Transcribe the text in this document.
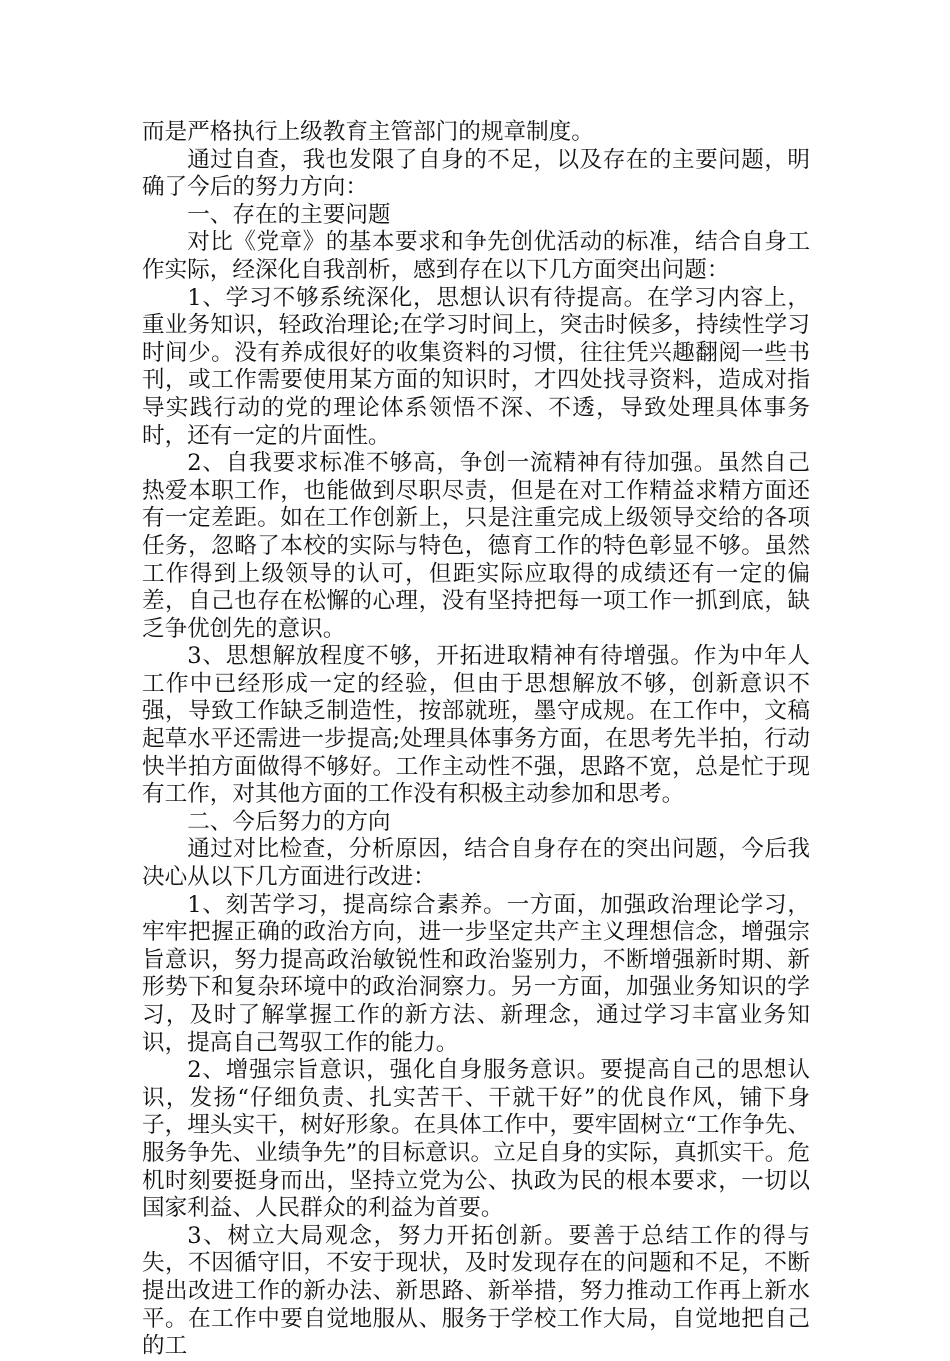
而是严格执行上级教育主管部门的规章制度。

通过自查，我也发限了自身的不足，以及存在的主要问题，明确了今后的努力方向：

一、存在的主要问题

对比《党章》的基本要求和争先创优活动的标准，结合自身工作实际，经深化自我剖析，感到存在以下几方面突出问题：

1、学习不够系统深化，思想认识有待提高。在学习内容上，重业务知识，轻政治理论;在学习时间上，突击时候多，持续性学习时间少。没有养成很好的收集资料的习惯，往往凭兴趣翻阅一些书刊，或工作需要使用某方面的知识时，才四处找寻资料，造成对指导实践行动的党的理论体系领悟不深、不透，导致处理具体事务时，还有一定的片面性。

2、自我要求标准不够高，争创一流精神有待加强。虽然自己热爱本职工作，也能做到尽职尽责，但是在对工作精益求精方面还有一定差距。如在工作创新上，只是注重完成上级领导交给的各项任务，忽略了本校的实际与特色，德育工作的特色彰显不够。虽然工作得到上级领导的认可，但距实际应取得的成绩还有一定的偏差，自己也存在松懈的心理，没有坚持把每一项工作一抓到底，缺乏争优创先的意识。

3、思想解放程度不够，开拓进取精神有待增强。作为中年人工作中已经形成一定的经验，但由于思想解放不够，创新意识不强，导致工作缺乏制造性，按部就班，墨守成规。在工作中，文稿起草水平还需进一步提高;处理具体事务方面，在思考先半拍，行动快半拍方面做得不够好。工作主动性不强，思路不宽，总是忙于现有工作，对其他方面的工作没有积极主动参加和思考。

二、今后努力的方向

通过对比检查，分析原因，结合自身存在的突出问题，今后我决心从以下几方面进行改进：

1、刻苦学习，提高综合素养。一方面，加强政治理论学习，牢牢把握正确的政治方向，进一步坚定共产主义理想信念，增强宗旨意识，努力提高政治敏锐性和政治鉴别力，不断增强新时期、新形势下和复杂环境中的政治洞察力。另一方面，加强业务知识的学习，及时了解掌握工作的新方法、新理念，通过学习丰富业务知识，提高自己驾驭工作的能力。

2、增强宗旨意识，强化自身服务意识。要提高自己的思想认识，发扬“仔细负责、扎实苦干、干就干好”的优良作风，铺下身子，埋头实干，树好形象。在具体工作中，要牢固树立“工作争先、服务争先、业绩争先”的目标意识。立足自身的实际，真抓实干。危机时刻要挺身而出，坚持立党为公、执政为民的根本要求，一切以国家利益、人民群众的利益为首要。

3、树立大局观念，努力开拓创新。要善于总结工作的得与失，不因循守旧，不安于现状，及时发现存在的问题和不足，不断提出改进工作的新办法、新思路、新举措，努力推动工作再上新水平。在工作中要自觉地服从、服务于学校工作大局，自觉地把自己的工
